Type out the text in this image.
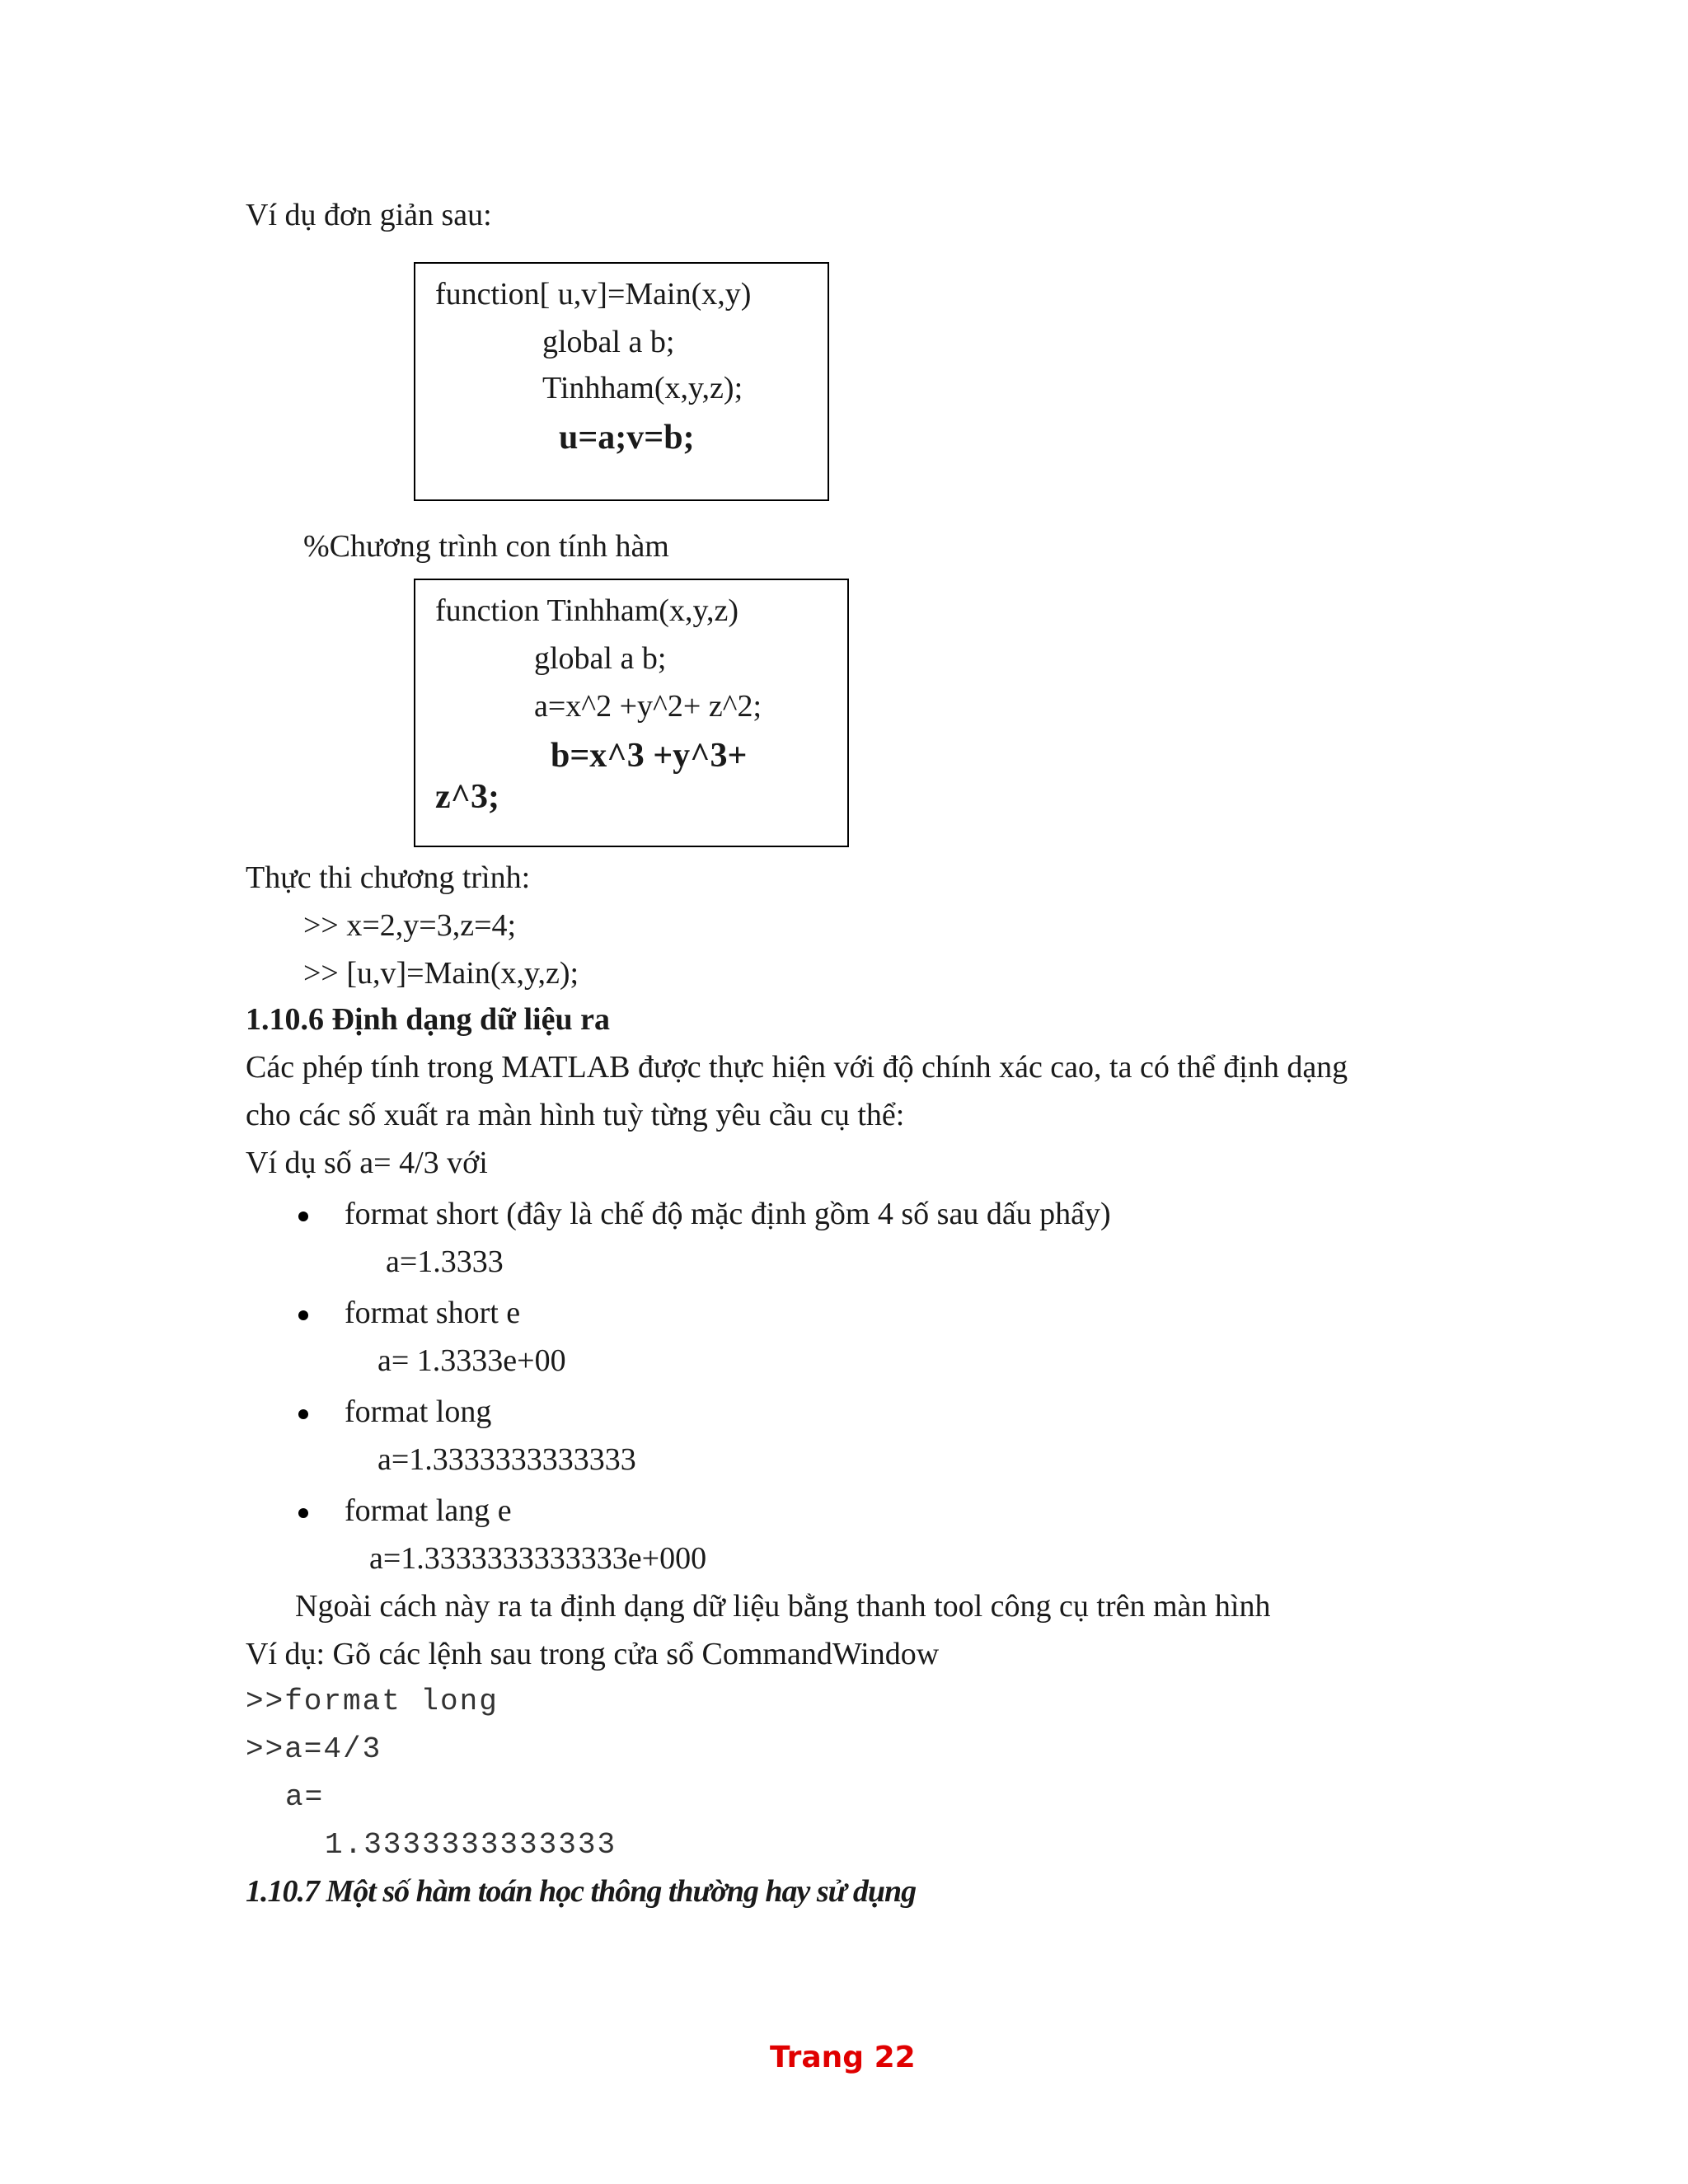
Ví dụ đơn giản sau:
function[ u,v]=Main(x,y)
global a b;
Tinhham(x,y,z);
u=a;v=b;
%Chương trình con tính hàm
function Tinhham(x,y,z)
global a b;
a=x^2 +y^2+ z^2;
b=x^3 +y^3+
z^3;
Thực thi chương trình:
>> x=2,y=3,z=4;
>> [u,v]=Main(x,y,z);
1.10.6 Định dạng dữ liệu ra
Các phép tính trong MATLAB được thực hiện với độ chính xác cao, ta có thể định dạng
cho các số xuất ra màn hình tuỳ từng yêu cầu cụ thể:
Ví dụ số a= 4/3 với
format short (đây là chế độ mặc định gồm 4 số sau dấu phẩy)
a=1.3333
format short e
a= 1.3333e+00
format long
a=1.3333333333333
format lang e
a=1.3333333333333e+000
Ngoài cách này ra ta định dạng dữ liệu bằng thanh tool công cụ trên màn hình
Ví dụ: Gõ các lệnh sau trong cửa sổ CommandWindow
>>format long
>>a=4/3
a=
1.3333333333333
1.10.7 Một số hàm toán học thông thường hay sử dụng
Trang 22
